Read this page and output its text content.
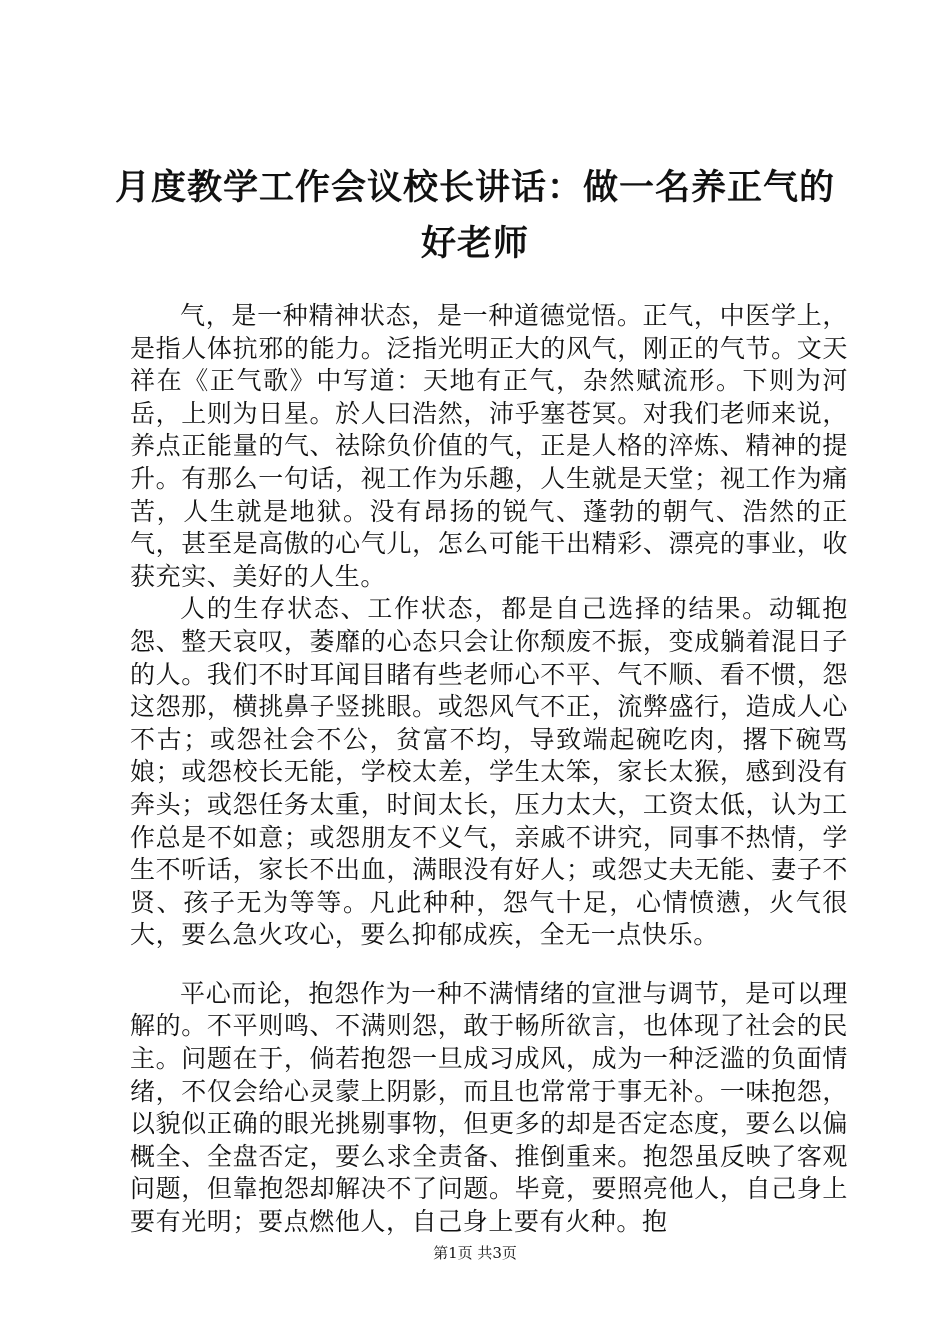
月度教学工作会议校长讲话：做一名养正气的好老师

气，是一种精神状态，是一种道德觉悟。正气，中医学上，是指人体抗邪的能力。泛指光明正大的风气，刚正的气节。文天祥在《正气歌》中写道：天地有正气，杂然赋流形。下则为河岳，上则为日星。於人曰浩然，沛乎塞苍冥。对我们老师来说，养点正能量的气、祛除负价值的气，正是人格的淬炼、精神的提升。有那么一句话，视工作为乐趣，人生就是天堂；视工作为痛苦，人生就是地狱。没有昂扬的锐气、蓬勃的朝气、浩然的正气，甚至是高傲的心气儿，怎么可能干出精彩、漂亮的事业，收获充实、美好的人生。

人的生存状态、工作状态，都是自己选择的结果。动辄抱怨、整天哀叹，萎靡的心态只会让你颓废不振，变成躺着混日子的人。我们不时耳闻目睹有些老师心不平、气不顺、看不惯，怨这怨那，横挑鼻子竖挑眼。或怨风气不正，流弊盛行，造成人心不古；或怨社会不公，贫富不均，导致端起碗吃肉，撂下碗骂娘；或怨校长无能，学校太差，学生太笨，家长太猴，感到没有奔头；或怨任务太重，时间太长，压力太大，工资太低，认为工作总是不如意；或怨朋友不义气，亲戚不讲究，同事不热情，学生不听话，家长不出血，满眼没有好人；或怨丈夫无能、妻子不贤、孩子无为等等。凡此种种，怨气十足，心情愤懑，火气很大，要么急火攻心，要么抑郁成疾，全无一点快乐。

平心而论，抱怨作为一种不满情绪的宣泄与调节，是可以理解的。不平则鸣、不满则怨，敢于畅所欲言，也体现了社会的民主。问题在于，倘若抱怨一旦成习成风，成为一种泛滥的负面情绪，不仅会给心灵蒙上阴影，而且也常常于事无补。一味抱怨，以貌似正确的眼光挑剔事物，但更多的却是否定态度，要么以偏概全、全盘否定，要么求全责备、推倒重来。抱怨虽反映了客观问题，但靠抱怨却解决不了问题。毕竟，要照亮他人，自己身上要有光明；要点燃他人，自己身上要有火种。抱

第1页 共3页
